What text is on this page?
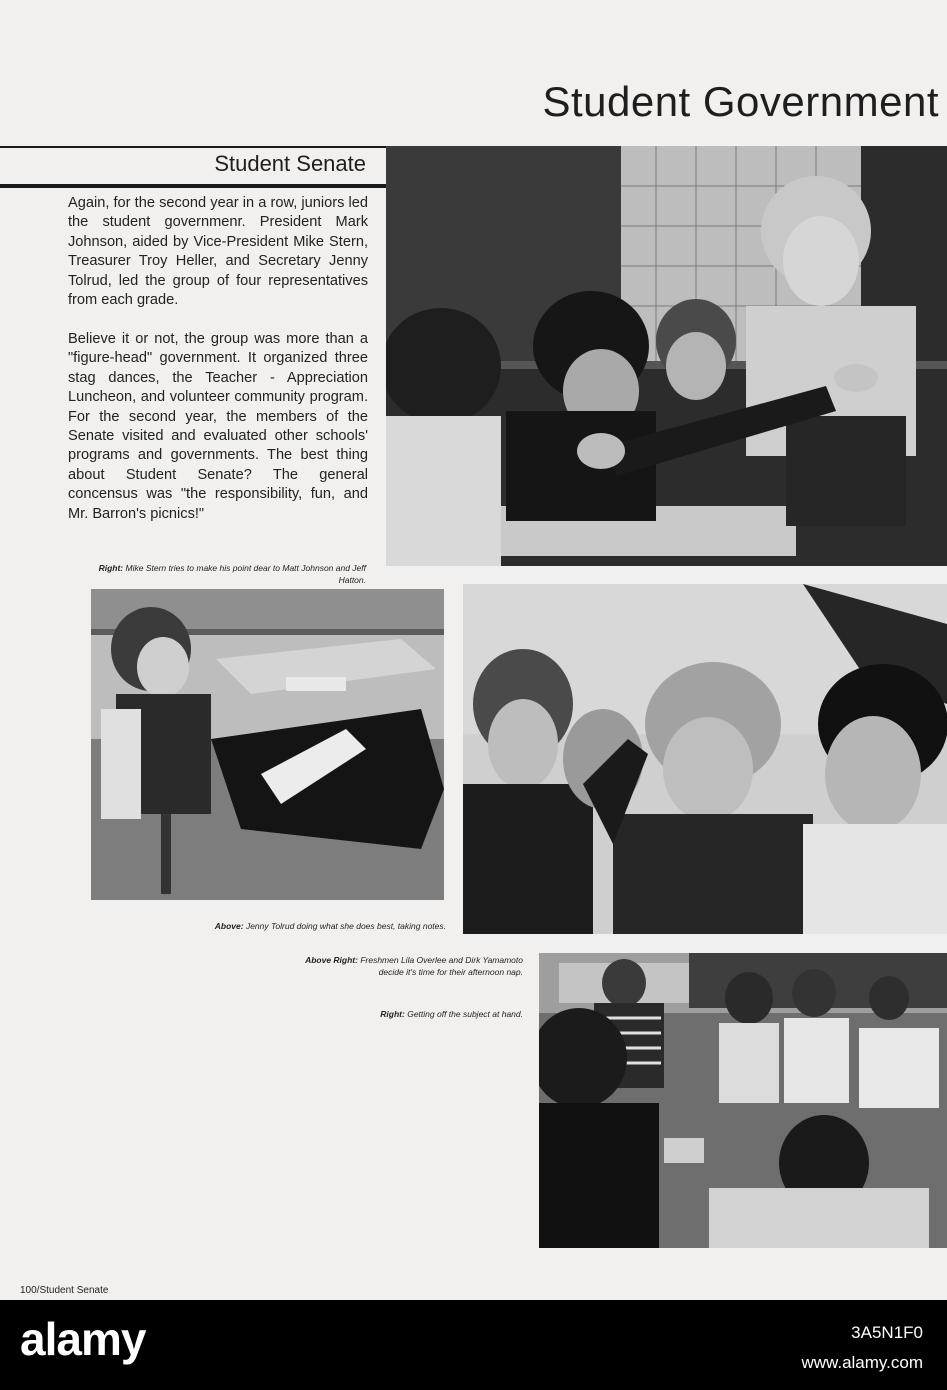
Student Government
Student Senate

Again, for the second year in a row, juniors led the student governmenr. President Mark Johnson, aided by Vice-President Mike Stern, Treasurer Troy Heller, and Secretary Jenny Tolrud, led the group of four representatives from each grade.

Believe it or not, the group was more than a "figure-head" government. It organized three stag dances, the Teacher - Appreciation Luncheon, and volunteer community program. For the second year, the members of the Senate visited and evaluated other schools' programs and governments. The best thing about Student Senate? The general concensus was "the responsibility, fun, and Mr. Barron's picnics!"

Right: Mike Stern tries to make his point dear to Matt Johnson and Jeff Hatton.

Above: Jenny Tolrud doing what she does best, taking notes.

Above Right: Freshmen Lila Overlee and Dirk Yamamoto decide it's time for their afternoon nap.

Right: Getting off the subject at hand.

100/Student Senate
alamy	3A5N1F0
www.alamy.com
